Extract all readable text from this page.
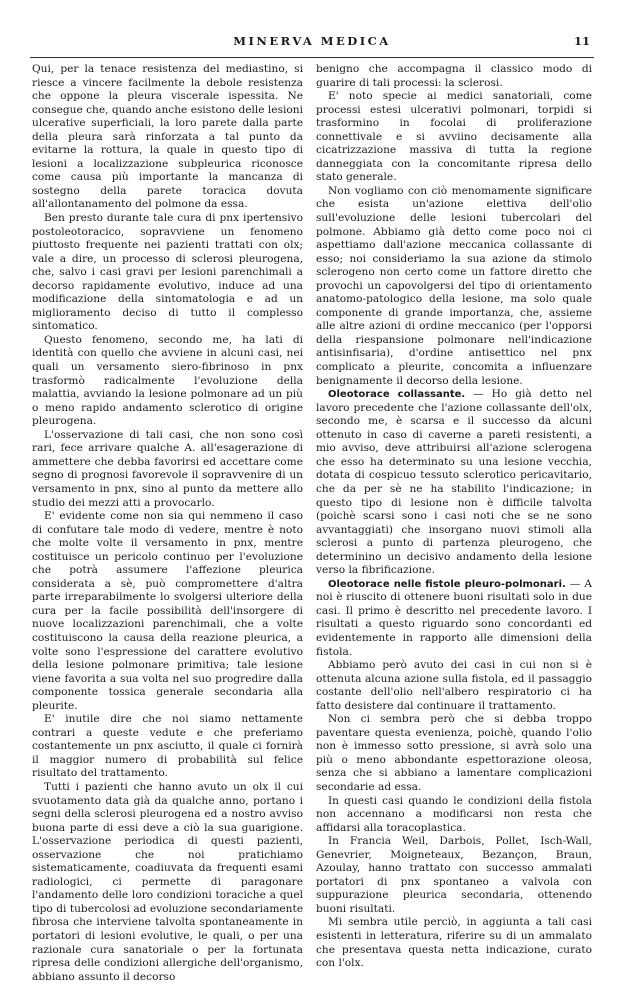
MINERVA MEDICA	11

Qui, per la tenace resistenza del mediastino, si riesce a vincere facilmente la debole resistenza che oppone la pleura viscerale ispessita. Ne consegue che, quando anche esistono delle lesioni ulcerative superficiali, la loro parete dalla parte della pleura sarà rinforzata a tal punto da evitarne la rottura, la quale in questo tipo di lesioni a localizzazione subpleurica riconosce come causa più importante la mancanza di sostegno della parete toracica dovuta all'allontanamento del polmone da essa.

Ben presto durante tale cura di pnx ipertensivo postoleotoracico, sopravviene un fenomeno piuttosto frequente nei pazienti trattati con olx; vale a dire, un processo di sclerosi pleurogena, che, salvo i casi gravi per lesioni parenchimali a decorso rapidamente evolutivo, induce ad una modificazione della sintomatologia e ad un miglioramento deciso di tutto il complesso sintomatico.

Questo fenomeno, secondo me, ha lati di identità con quello che avviene in alcuni casi, nei quali un versamento siero-fibrinoso in pnx trasformò radicalmente l'evoluzione della malattia, avviando la lesione polmonare ad un più o meno rapido andamento sclerotico di origine pleurogena.

L'osservazione di tali casi, che non sono così rari, fece arrivare qualche A. all'esagerazione di ammettere che debba favorirsi ed accettare come segno di prognosi favorevole il sopravvenire di un versamento in pnx, sino al punto da mettere allo studio dei mezzi atti a provocarlo.

E' evidente come non sia qui nemmeno il caso di confutare tale modo di vedere, mentre è noto che molte volte il versamento in pnx, mentre costituisce un pericolo continuo per l'evoluzione che potrà assumere l'affezione pleurica considerata a sè, può compromettere d'altra parte irreparabilmente lo svolgersi ulteriore della cura per la facile possibilità dell'insorgere di nuove localizzazioni parenchimali, che a volte costituiscono la causa della reazione pleurica, a volte sono l'espressione del carattere evolutivo della lesione polmonare primitiva; tale lesione viene favorita a sua volta nel suo progredire dalla componente tossica generale secondaria alla pleurite.

E' inutile dire che noi siamo nettamente contrari a queste vedute e che preferiamo costantemente un pnx asciutto, il quale ci fornirà il maggior numero di probabilità sul felice risultato del trattamento.

Tutti i pazienti che hanno avuto un olx il cui svuotamento data già da qualche anno, portano i segni della sclerosi pleurogena ed a nostro avviso buona parte di essi deve a ciò la sua guarigione. L'osservazione periodica di questi pazienti, osservazione che noi pratichiamo sistematicamente, coadiuvata da frequenti esami radiologici, ci permette di paragonare l'andamento delle loro condizioni toraciche a quel tipo di tubercolosi ad evoluzione secondariamente fibrosa che interviene talvolta spontaneamente in portatori di lesioni evolutive, le quali, o per una razionale cura sanatoriale o per la fortunata ripresa delle condizioni allergiche dell'organismo, abbiano assunto il decorso

benigno che accompagna il classico modo di guarire di tali processi: la sclerosi.

E' noto specie ai medici sanatoriali, come processi estesi ulcerativi polmonari, torpidi si trasformino in focolai di proliferazione connettivale e si avviino decisamente alla cicatrizzazione massiva di tutta la regione danneggiata con la concomitante ripresa dello stato generale.

Non vogliamo con ciò menomamente significare che esista un'azione elettiva dell'olio sull'evoluzione delle lesioni tubercolari del polmone. Abbiamo già detto come poco noi ci aspettiamo dall'azione meccanica collassante di esso; noi consideriamo la sua azione da stimolo sclerogeno non certo come un fattore diretto che provochi un capovolgersi del tipo di orientamento anatomo-patologico della lesione, ma solo quale componente di grande importanza, che, assieme alle altre azioni di ordine meccanico (per l'opporsi della riespansione polmonare nell'indicazione antisinfisaria), d'ordine antisettico nel pnx complicato a pleurite, concomita a influenzare benignamente il decorso della lesione.

Oleotorace collassante. — Ho già detto nel lavoro precedente che l'azione collassante dell'olx, secondo me, è scarsa e il successo da alcuni ottenuto in caso di caverne a pareti resistenti, a mio avviso, deve attribuirsi all'azione sclerogena che esso ha determinato su una lesione vecchia, dotata di cospicuo tessuto sclerotico pericavitario, che da per sè ne ha stabilito l'indicazione; in questo tipo di lesione non è difficile talvolta (poichè scarsi sono i casi noti che se ne sono avvantaggiati) che insorgano nuovi stimoli alla sclerosi a punto di partenza pleurogeno, che determinino un decisivo andamento della lesione verso la fibrificazione.

Oleotorace nelle fistole pleuro-polmonari. — A noi è riuscito di ottenere buoni risultati solo in due casi. Il primo è descritto nel precedente lavoro. I risultati a questo riguardo sono concordanti ed evidentemente in rapporto alle dimensioni della fistola.

Abbiamo però avuto dei casi in cui non si è ottenuta alcuna azione sulla fistola, ed il passaggio costante dell'olio nell'albero respiratorio ci ha fatto desistere dal continuare il trattamento.

Non ci sembra però che si debba troppo paventare questa evenienza, poichè, quando l'olio non è immesso sotto pressione, si avrà solo una più o meno abbondante espettorazione oleosa, senza che si abbiano a lamentare complicazioni secondarie ad essa.

In questi casi quando le condizioni della fistola non accennano a modificarsi non resta che affidarsi alla toracoplastica.

In Francia Weil, Darbois, Pollet, Isch-Wall, Genevrier, Moigneteaux, Bezançon, Braun, Azoulay, hanno trattato con successo ammalati portatori di pnx spontaneo a valvola con suppurazione pleurica secondaria, ottenendo buoni risultati.

Mi sembra utile perciò, in aggiunta a tali casi esistenti in letteratura, riferire su di un ammalato che presentava questa netta indicazione, curato con l'olx.
